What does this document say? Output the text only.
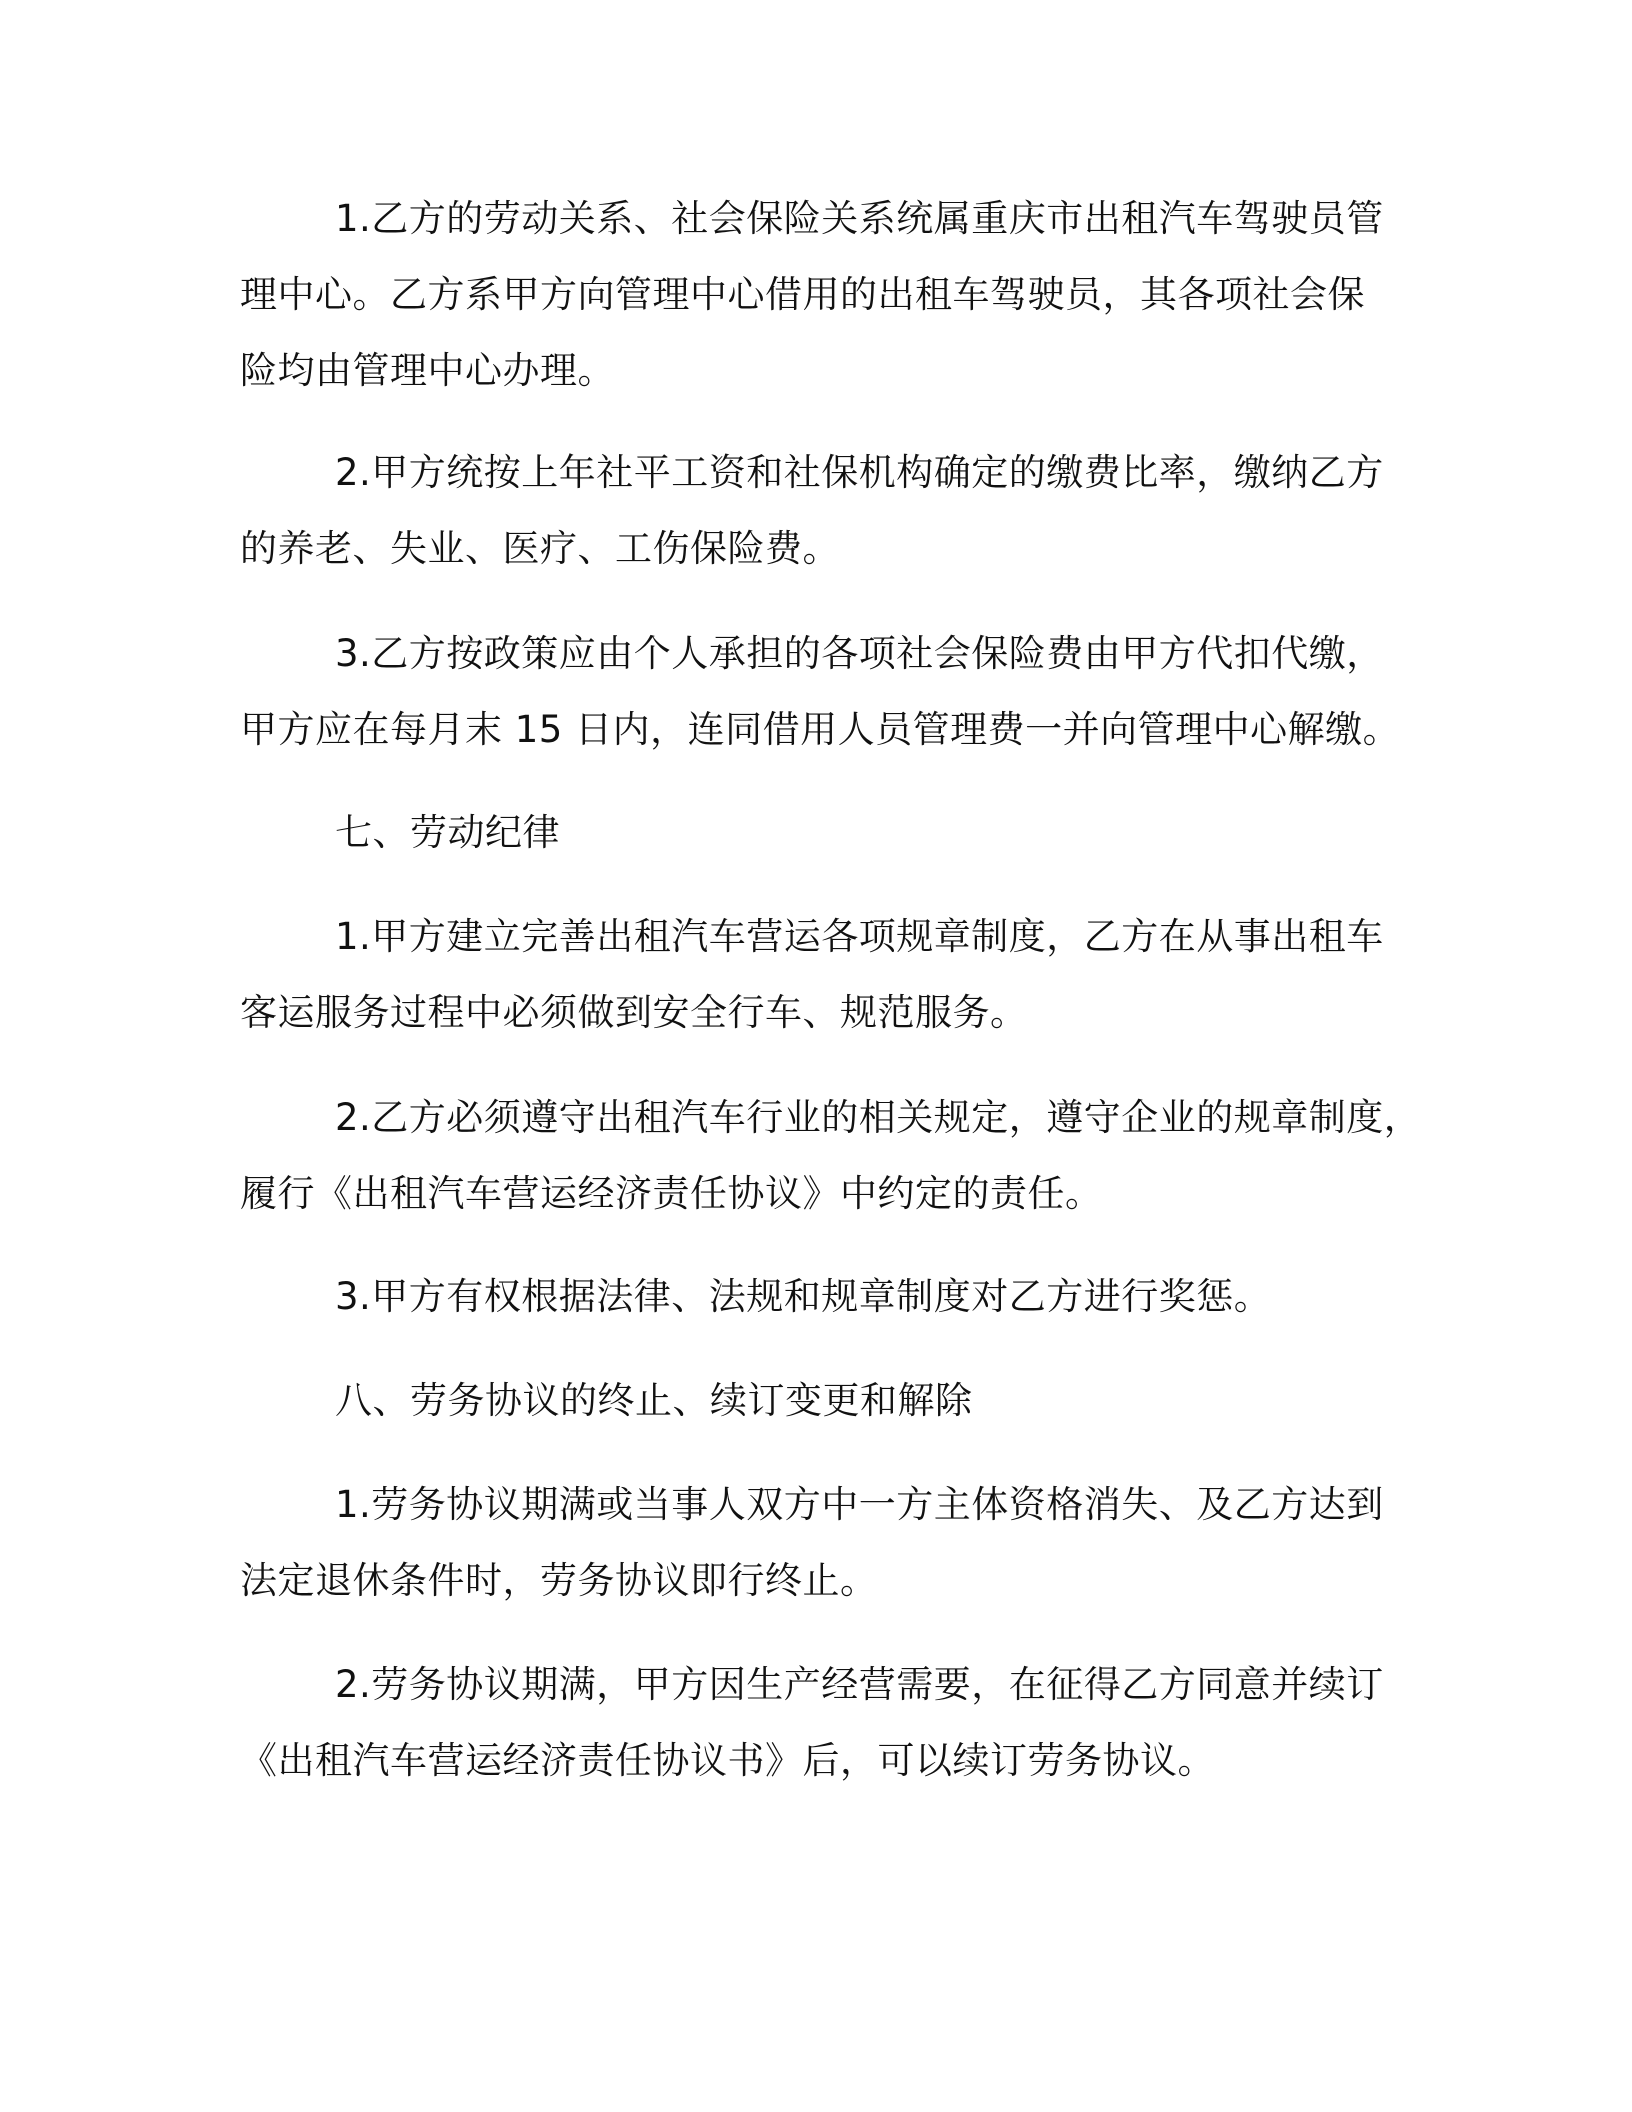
1.乙方的劳动关系、社会保险关系统属重庆市出租汽车驾驶员管
理中心。乙方系甲方向管理中心借用的出租车驾驶员，其各项社会保
险均由管理中心办理。
2.甲方统按上年社平工资和社保机构确定的缴费比率，缴纳乙方
的养老、失业、医疗、工伤保险费。
3.乙方按政策应由个人承担的各项社会保险费由甲方代扣代缴，
甲方应在每月末 15 日内，连同借用人员管理费一并向管理中心解缴。
七、劳动纪律
1.甲方建立完善出租汽车营运各项规章制度，乙方在从事出租车
客运服务过程中必须做到安全行车、规范服务。
2.乙方必须遵守出租汽车行业的相关规定，遵守企业的规章制度，
履行《出租汽车营运经济责任协议》中约定的责任。
3.甲方有权根据法律、法规和规章制度对乙方进行奖惩。
八、劳务协议的终止、续订变更和解除
1.劳务协议期满或当事人双方中一方主体资格消失、及乙方达到
法定退休条件时，劳务协议即行终止。
2.劳务协议期满，甲方因生产经营需要，在征得乙方同意并续订
《出租汽车营运经济责任协议书》后，可以续订劳务协议。
